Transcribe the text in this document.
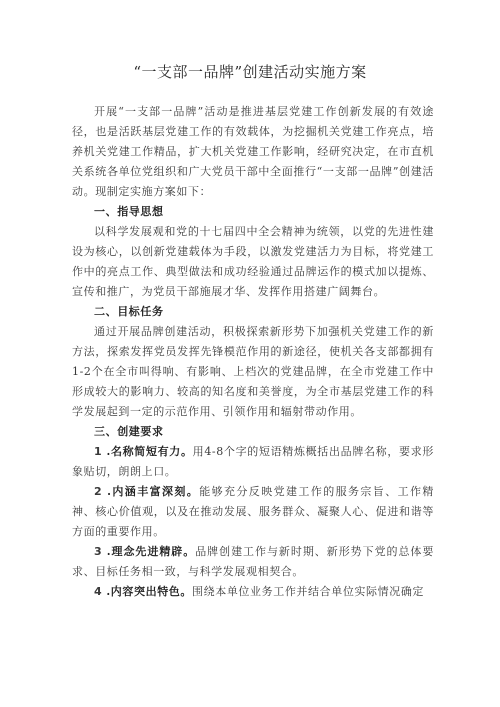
“一支部一品牌”创建活动实施方案

开展“一支部一品牌”活动是推进基层党建工作创新发展的有效途径，也是活跃基层党建工作的有效载体，为挖掘机关党建工作亮点，培养机关党建工作精品，扩大机关党建工作影响，经研究决定，在市直机关系统各单位党组织和广大党员干部中全面推行“一支部一品牌”创建活动。现制定实施方案如下：

一、指导思想

以科学发展观和党的十七届四中全会精神为统领，以党的先进性建设为核心，以创新党建载体为手段，以激发党建活力为目标，将党建工作中的亮点工作、典型做法和成功经验通过品牌运作的模式加以提炼、宣传和推广，为党员干部施展才华、发挥作用搭建广阔舞台。

二、目标任务

通过开展品牌创建活动，积极探索新形势下加强机关党建工作的新方法，探索发挥党员发挥先锋模范作用的新途径，使机关各支部都拥有1-2个在全市叫得响、有影响、上档次的党建品牌，在全市党建工作中形成较大的影响力、较高的知名度和美誉度，为全市基层党建工作的科学发展起到一定的示范作用、引领作用和辐射带动作用。

三、创建要求

1 .名称简短有力。用4-8个字的短语精炼概括出品牌名称，要求形象贴切，朗朗上口。

2 .内涵丰富深刻。能够充分反映党建工作的服务宗旨、工作精神、核心价值观，以及在推动发展、服务群众、凝聚人心、促进和谐等方面的重要作用。

3 .理念先进精辟。品牌创建工作与新时期、新形势下党的总体要求、目标任务相一致，与科学发展观相契合。

4 .内容突出特色。围绕本单位业务工作并结合单位实际情况确定
